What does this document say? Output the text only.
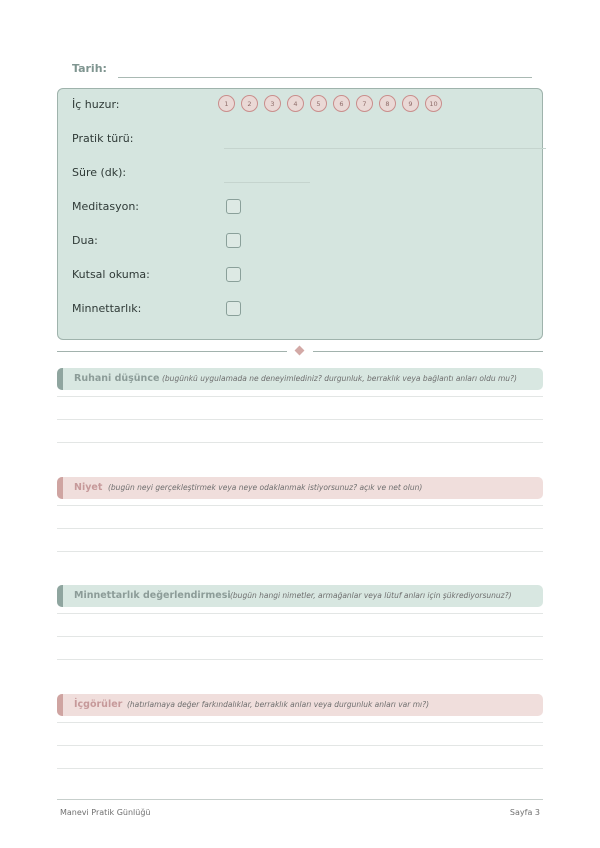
Tarih:
İç huzur:	1	2	3	4	5	6	7	8	9	10
Pratik türü:
Süre (dk):
Meditasyon:
Dua:
Kutsal okuma:
Minnettarlık:
Ruhani düşünce (bugünkü uygulamada ne deneyimlediniz? durgunluk, berraklık veya bağlantı anları oldu mu?)
Niyet (bugün neyi gerçekleştirmek veya neye odaklanmak istiyorsunuz? açık ve net olun)
Minnettarlık değerlendirmesi (bugün hangi nimetler, armağanlar veya lütuf anları için şükrediyorsunuz?)
İçgörüler (hatırlamaya değer farkındalıklar, berraklık anları veya durgunluk anları var mı?)
Manevi Pratik Günlüğü	Sayfa 3
